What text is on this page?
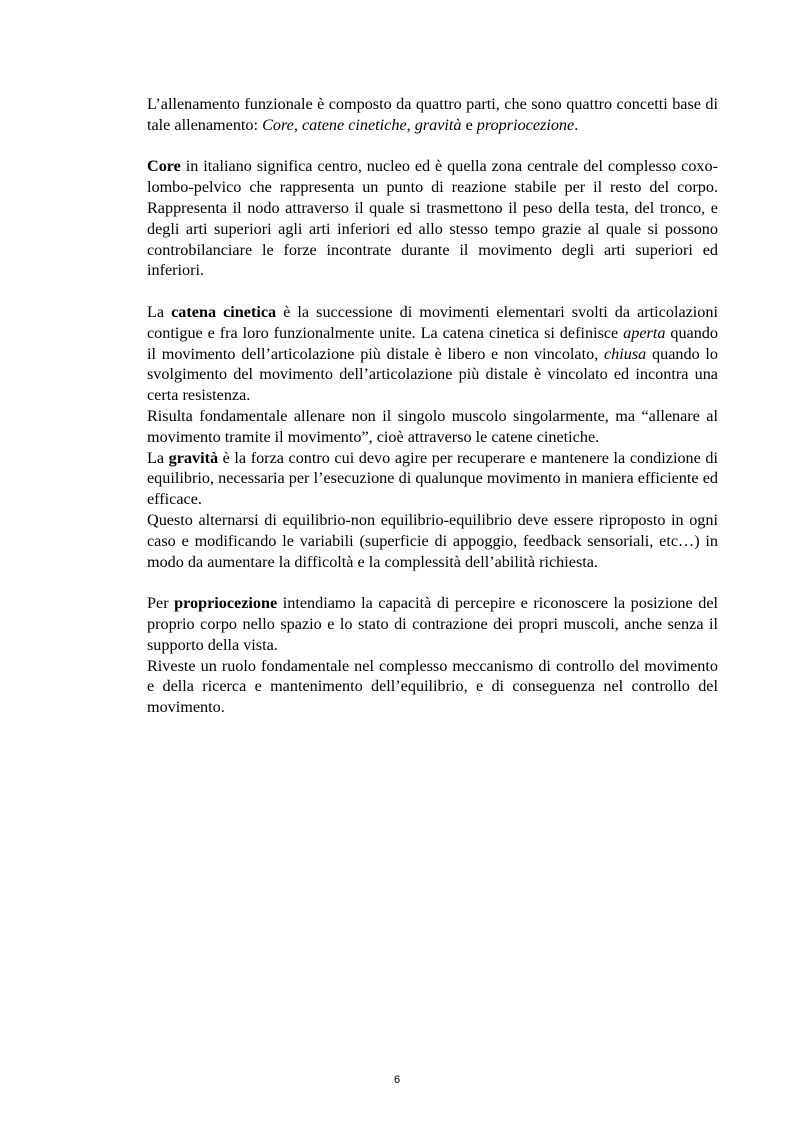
L’allenamento funzionale è composto da quattro parti, che sono quattro concetti base di tale allenamento: Core, catene cinetiche, gravità e propriocezione.

Core in italiano significa centro, nucleo ed è quella zona centrale del complesso coxo-lombo-pelvico che rappresenta un punto di reazione stabile per il resto del corpo. Rappresenta il nodo attraverso il quale si trasmettono il peso della testa, del tronco, e degli arti superiori agli arti inferiori ed allo stesso tempo grazie al quale si possono controbilanciare le forze incontrate durante il movimento degli arti superiori ed inferiori.

La catena cinetica è la successione di movimenti elementari svolti da articolazioni contigue e fra loro funzionalmente unite. La catena cinetica si definisce aperta quando il movimento dell’articolazione più distale è libero e non vincolato, chiusa quando lo svolgimento del movimento dell’articolazione più distale è vincolato ed incontra una certa resistenza.

Risulta fondamentale allenare non il singolo muscolo singolarmente, ma “allenare al movimento tramite il movimento”, cioè attraverso le catene cinetiche.

La gravità è la forza contro cui devo agire per recuperare e mantenere la condizione di equilibrio, necessaria per l’esecuzione di qualunque movimento in maniera efficiente ed efficace.

Questo alternarsi di equilibrio-non equilibrio-equilibrio deve essere riproposto in ogni caso e modificando le variabili (superficie di appoggio, feedback sensoriali, etc…) in modo da aumentare la difficoltà e la complessità dell’abilità richiesta.

Per propriocezione intendiamo la capacità di percepire e riconoscere la posizione del proprio corpo nello spazio e lo stato di contrazione dei propri muscoli, anche senza il supporto della vista.

Riveste un ruolo fondamentale nel complesso meccanismo di controllo del movimento e della ricerca e mantenimento dell’equilibrio, e di conseguenza nel controllo del movimento.

6
